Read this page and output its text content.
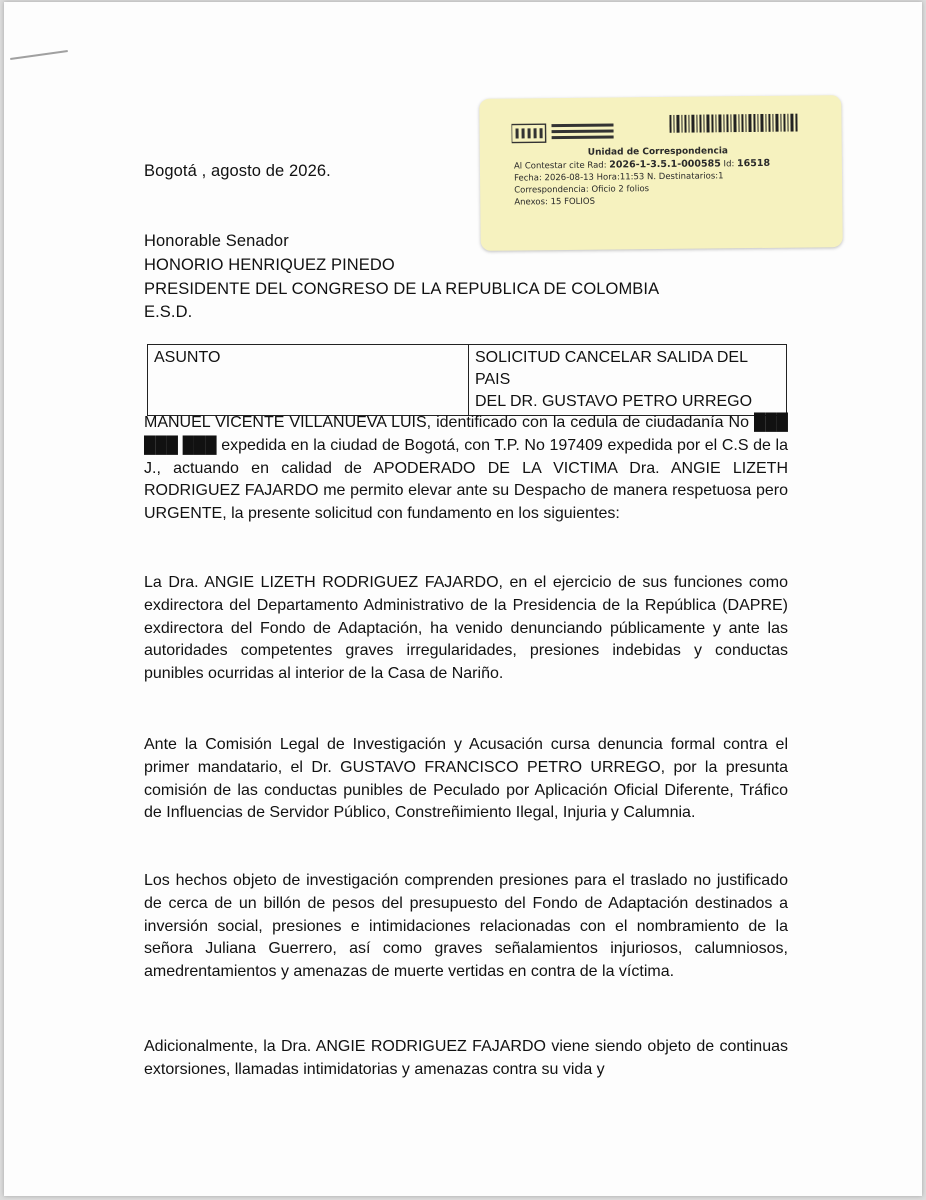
Unidad de Correspondencia
Al Contestar cite Rad: 2026-1-3.5.1-000585 Id: 16518
Fecha: 2026-08-13 Hora:11:53 N. Destinatarios:1
Correspondencia: Oficio 2 folios
Anexos: 15 FOLIOS
Bogotá , agosto de 2026.
Honorable Senador
HONORIO HENRIQUEZ PINEDO
PRESIDENTE DEL CONGRESO DE LA REPUBLICA DE COLOMBIA
E.S.D.
ASUNTO	SOLICITUD CANCELAR SALIDA DEL PAIS
DEL DR. GUSTAVO PETRO URREGO

MANUEL VICENTE VILLANUEVA LUIS, identificado con la cedula de ciudadanía No ███ ███ ███ expedida en la ciudad de Bogotá, con T.P. No 197409 expedida por el C.S de la J., actuando en calidad de APODERADO DE LA VICTIMA Dra. ANGIE LIZETH RODRIGUEZ FAJARDO me permito elevar ante su Despacho de manera respetuosa pero URGENTE, la presente solicitud con fundamento en los siguientes:

La Dra. ANGIE LIZETH RODRIGUEZ FAJARDO, en el ejercicio de sus funciones como exdirectora del Departamento Administrativo de la Presidencia de la República (DAPRE) exdirectora del Fondo de Adaptación, ha venido denunciando públicamente y ante las autoridades competentes graves irregularidades, presiones indebidas y conductas punibles ocurridas al interior de la Casa de Nariño.

Ante la Comisión Legal de Investigación y Acusación cursa denuncia formal contra el primer mandatario, el Dr. GUSTAVO FRANCISCO PETRO URREGO, por la presunta comisión de las conductas punibles de Peculado por Aplicación Oficial Diferente, Tráfico de Influencias de Servidor Público, Constreñimiento Ilegal, Injuria y Calumnia.

Los hechos objeto de investigación comprenden presiones para el traslado no justificado de cerca de un billón de pesos del presupuesto del Fondo de Adaptación destinados a inversión social, presiones e intimidaciones relacionadas con el nombramiento de la señora Juliana Guerrero, así como graves señalamientos injuriosos, calumniosos, amedrentamientos y amenazas de muerte vertidas en contra de la víctima.

Adicionalmente, la Dra. ANGIE RODRIGUEZ FAJARDO viene siendo objeto de continuas extorsiones, llamadas intimidatorias y amenazas contra su vida y
